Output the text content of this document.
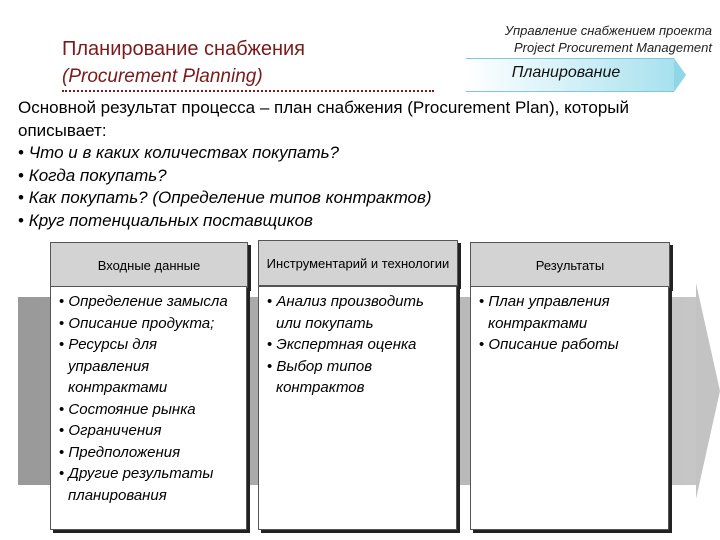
Планирование снабжения
(Procurement Planning)
Управление снабжением проекта
Project Procurement Management
Планирование

Основной результат процесса – план снабжения (Procurement Plan), который описывает:

• Что и в каких количествах покупать?
• Когда покупать?
• Как покупать? (Определение типов контрактов)
• Круг потенциальных поставщиков
Входные данные
• Определение замысла
• Описание продукта;
• Ресурсы для управления контрактами
• Состояние рынка
• Ограничения
• Предположения
• Другие результаты планирования
Инструментарий и технологии
• Анализ производить или покупать
• Экспертная оценка
• Выбор типов контрактов
Результаты
• План управления контрактами
• Описание работы
